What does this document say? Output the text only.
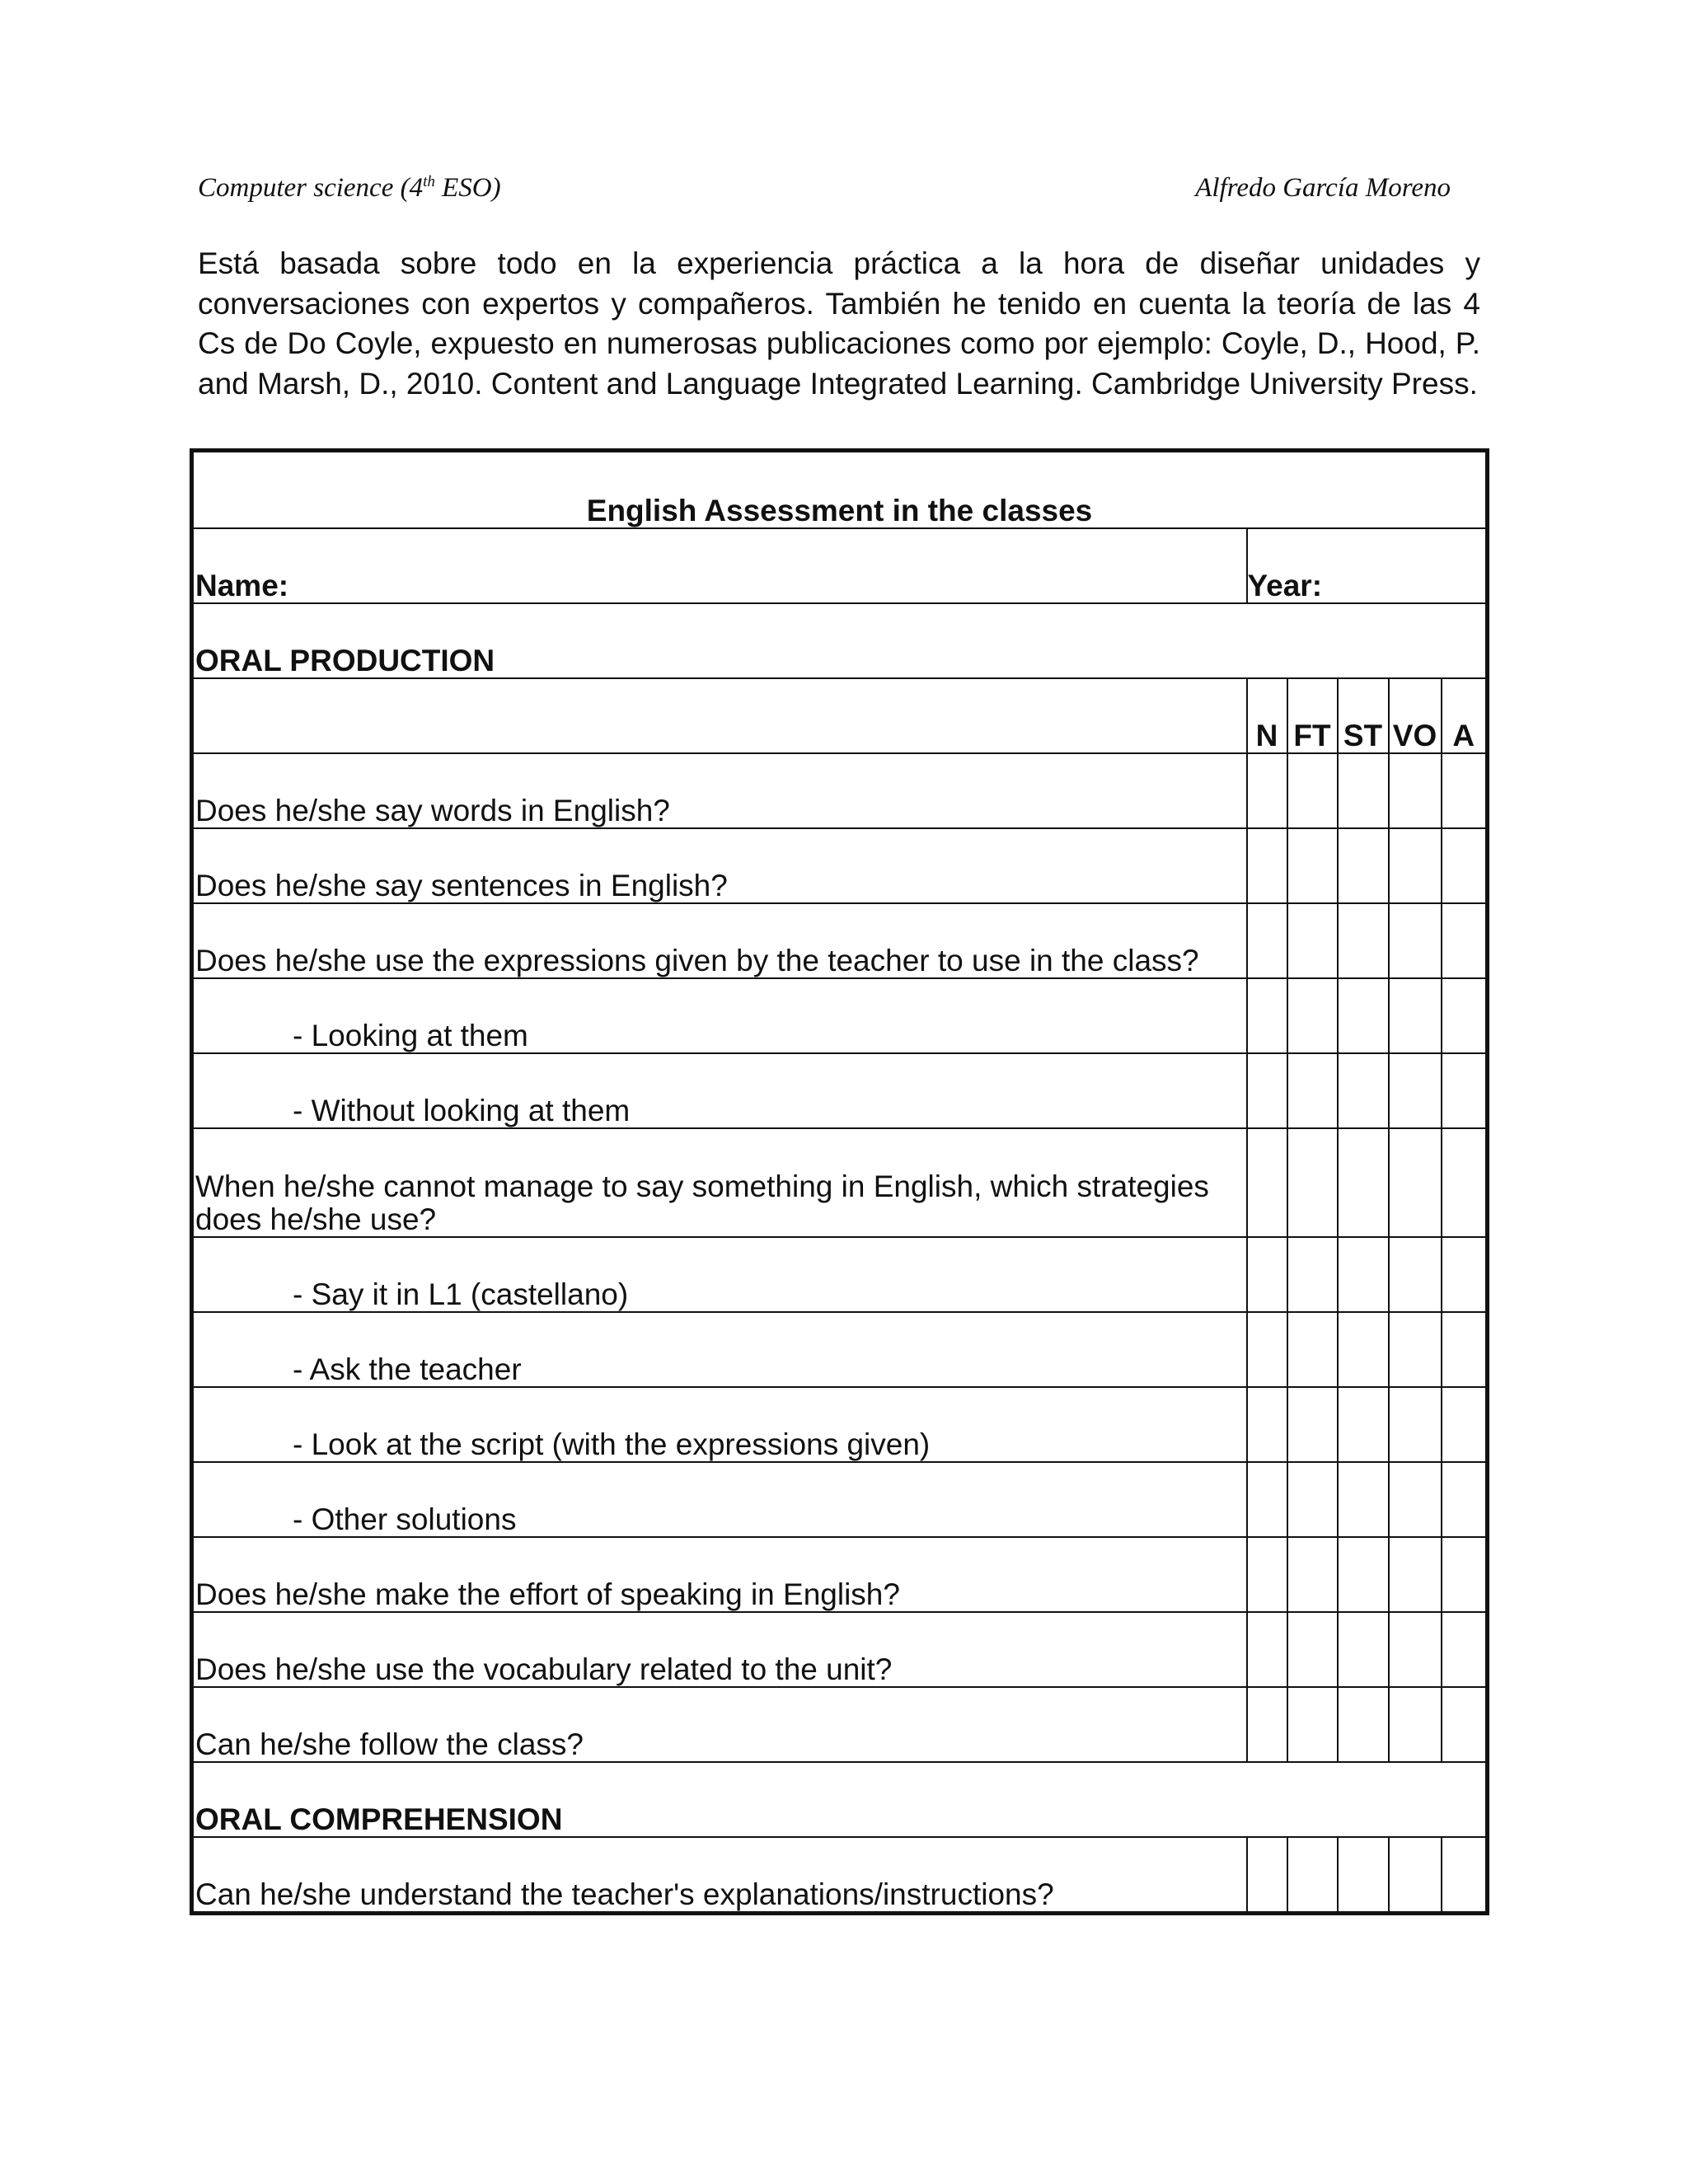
Computer science (4th ESO)	Alfredo García Moreno

Está basada sobre todo en la experiencia práctica a la hora de diseñar unidades y conversaciones con expertos y compañeros. También he tenido en cuenta la teoría de las 4 Cs de Do Coyle, expuesto en numerosas publicaciones como por ejemplo: Coyle, D., Hood, P. and Marsh, D., 2010. Content and Language Integrated Learning. Cambridge University Press.

English Assessment in the classes					
Name:	Year:				
ORAL PRODUCTION					
	N	FT	ST	VO	A
Does he/she say words in English?					
Does he/she say sentences in English?					
Does he/she use the expressions given by the teacher to use in the class?					
- Looking at them					
- Without looking at them					
When he/she cannot manage to say something in English, which strategies does he/she use?					
- Say it in L1 (castellano)					
- Ask the teacher					
- Look at the script (with the expressions given)					
- Other solutions					
Does he/she make the effort of speaking in English?					
Does he/she use the vocabulary related to the unit?					
Can he/she follow the class?					
ORAL COMPREHENSION					
Can he/she understand the teacher's explanations/instructions?					
